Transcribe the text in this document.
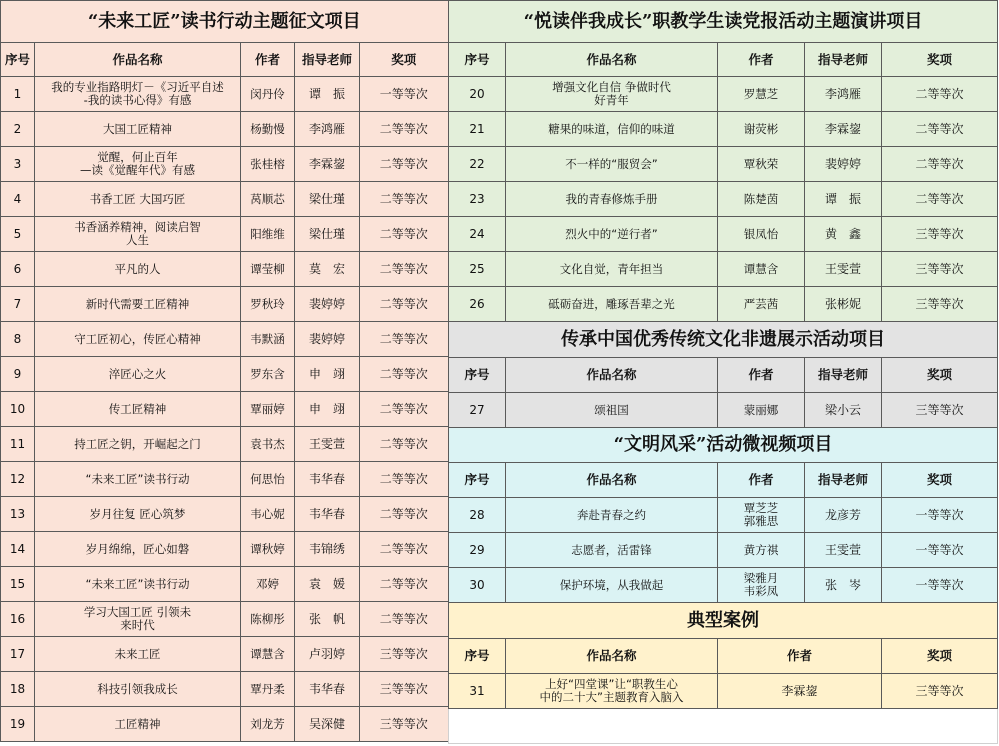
“未来工匠”读书行动主题征文项目				
序号	作品名称	作者	指导老师	奖项
1	我的专业指路明灯－《习近平自述
-我的读书心得》有感	闵丹伶	谭　振	一等等次
2	大国工匠精神	杨勤慢	李鸿雁	二等等次
3	觉醒，何止百年
—读《觉醒年代》有感	张桂榕	李霖鋆	二等等次
4	书香工匠 大国巧匠	莴顺芯	梁仕瑾	二等等次
5	书香涵养精神，阅读启智
人生	阳维维	梁仕瑾	二等等次
6	平凡的人	谭莹柳	莫　宏	二等等次
7	新时代需要工匠精神	罗秋玲	裴婷婷	二等等次
8	守工匠初心，传匠心精神	韦默涵	裴婷婷	二等等次
9	淬匠心之火	罗东含	申　翊	二等等次
10	传工匠精神	覃丽婷	申　翊	二等等次
11	持工匠之钥，开崛起之门	袁书杰	王雯萱	二等等次
12	“未来工匠”读书行动	何思怡	韦华春	二等等次
13	岁月往复 匠心筑梦	韦心妮	韦华春	二等等次
14	岁月绵绵，匠心如磐	谭秋婷	韦锦绣	二等等次
15	“未来工匠”读书行动	邓婷	袁　媛	二等等次
16	学习大国工匠 引领未
来时代	陈柳彤	张　帆	二等等次
17	未来工匠	谭慧含	卢羽婷	三等等次
18	科技引领我成长	覃丹柔	韦华春	三等等次
19	工匠精神	刘龙芳	吴深健	三等等次
“悦读伴我成长”职教学生读党报活动主题演讲项目				
序号	作品名称	作者	指导老师	奖项
20	增强文化自信 争做时代
好青年	罗慧芝	李鸿雁	二等等次
21	糖果的味道，信仰的味道	谢荧彬	李霖鋆	二等等次
22	不一样的“服贸会”	覃秋荣	裴婷婷	二等等次
23	我的青春修炼手册	陈楚茵	谭　振	二等等次
24	烈火中的“逆行者”	银凤怡	黄　鑫	三等等次
25	文化自觉，青年担当	谭慧含	王雯萱	三等等次
26	砥砺奋进，雕琢吾辈之光	严芸茜	张彬妮	三等等次
传承中国优秀传统文化非遗展示活动项目				
序号	作品名称	作者	指导老师	奖项
27	颂祖国	蒙丽娜	梁小云	三等等次
“文明风采”活动微视频项目				
序号	作品名称	作者	指导老师	奖项
28	奔赴青春之约	覃芝芝
郭雅思	龙彦芳	一等等次
29	志愿者，活雷锋	黄方祺	王雯萱	一等等次
30	保护环境，从我做起	梁雅月
韦彩凤	张　岑	一等等次
典型案例				
序号	作品名称	作者		奖项
31	上好“四堂课”让“职教生心
中的二十大”主题教育入脑入	李霖鋆		三等等次
